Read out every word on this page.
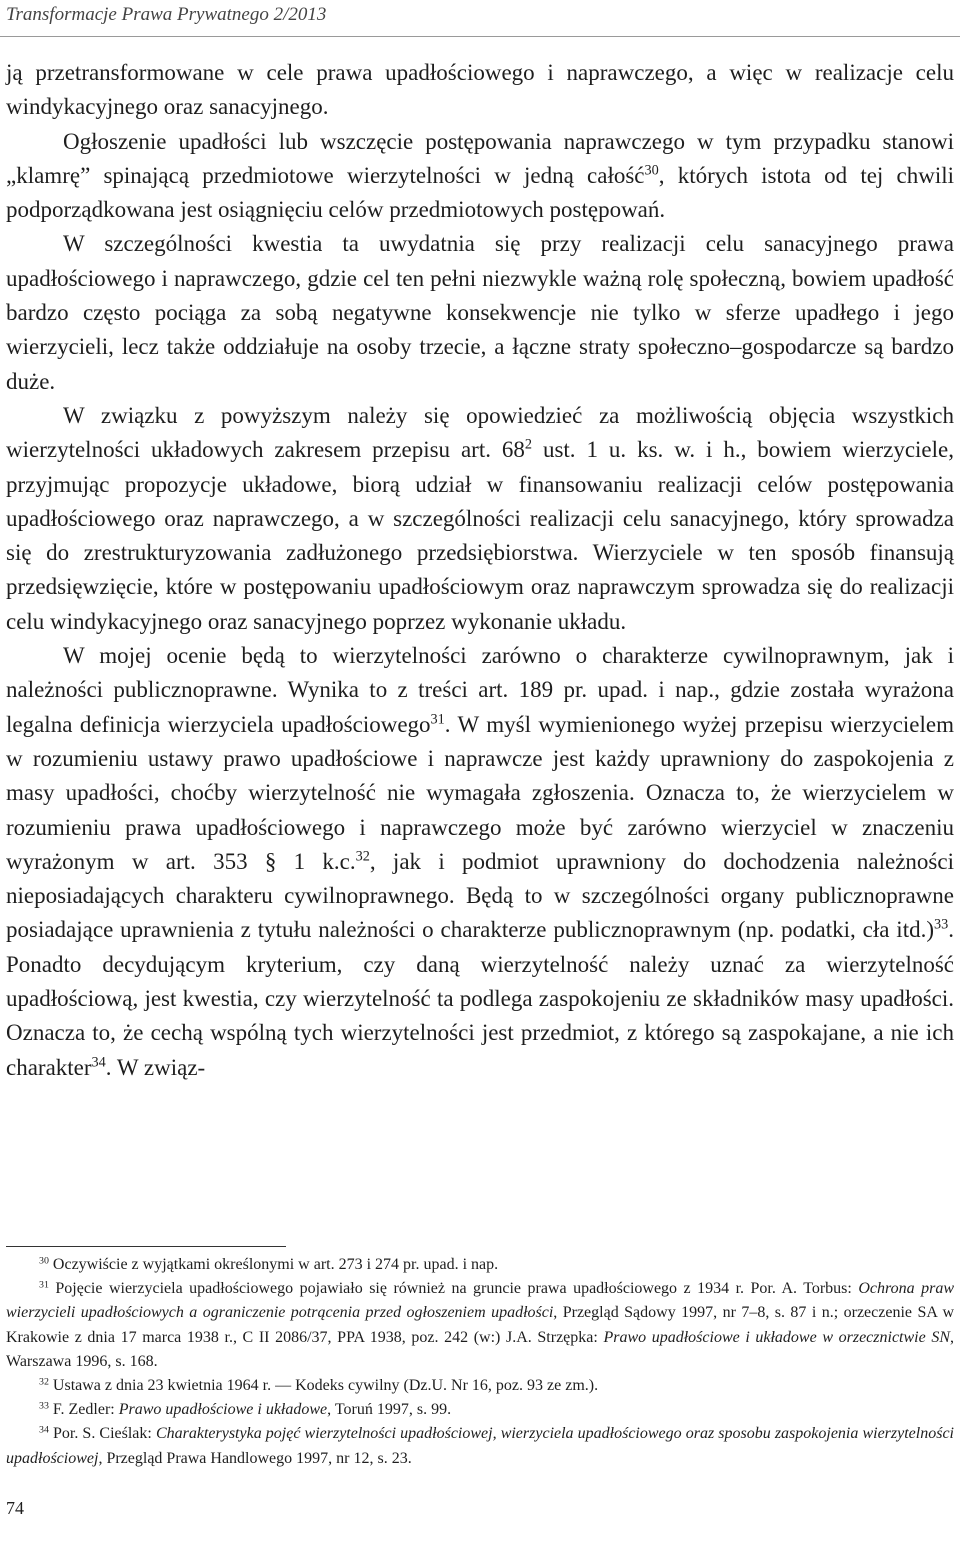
Transformacje Prawa Prywatnego 2/2013

ją przetransformowane w cele prawa upadłościowego i naprawczego, a więc w realizacje celu windykacyjnego oraz sanacyjnego.

Ogłoszenie upadłości lub wszczęcie postępowania naprawczego w tym przypadku stanowi „klamrę” spinającą przedmiotowe wierzytelności w jedną całość$^{30}$, których istota od tej chwili podporządkowana jest osiągnięciu celów przedmiotowych postępowań.

W szczególności kwestia ta uwydatnia się przy realizacji celu sanacyjnego prawa upadłościowego i naprawczego, gdzie cel ten pełni niezwykle ważną rolę społeczną, bowiem upadłość bardzo często pociąga za sobą negatywne konsekwencje nie tylko w sferze upadłego i jego wierzycieli, lecz także oddziałuje na osoby trzecie, a łączne straty społeczno–gospodarcze są bardzo duże.

W związku z powyższym należy się opowiedzieć za możliwością objęcia wszystkich wierzytelności układowych zakresem przepisu art. $68^2$ ust. 1 u. ks. w. i h., bowiem wierzyciele, przyjmując propozycje układowe, biorą udział w finansowaniu realizacji celów postępowania upadłościowego oraz naprawczego, a w szczególności realizacji celu sanacyjnego, który sprowadza się do zrestrukturyzowania zadłużonego przedsiębiorstwa. Wierzyciele w ten sposób finansują przedsięwzięcie, które w postępowaniu upadłościowym oraz naprawczym sprowadza się do realizacji celu windykacyjnego oraz sanacyjnego poprzez wykonanie układu.

W mojej ocenie będą to wierzytelności zarówno o charakterze cywilnoprawnym, jak i należności publicznoprawne. Wynika to z treści art. 189 pr. upad. i nap., gdzie została wyrażona legalna definicja wierzyciela upadłościowego$^{31}$. W myśl wymienionego wyżej przepisu wierzycielem w rozumieniu ustawy prawo upadłościowe i naprawcze jest każdy uprawniony do zaspokojenia z masy upadłości, choćby wierzytelność nie wymagała zgłoszenia. Oznacza to, że wierzycielem w rozumieniu prawa upadłościowego i naprawczego może być zarówno wierzyciel w znaczeniu wyrażonym w art. 353 § 1 k.c.$^{32}$, jak i podmiot uprawniony do dochodzenia należności nieposiadających charakteru cywilnoprawnego. Będą to w szczególności organy publicznoprawne posiadające uprawnienia z tytułu należności o charakterze publicznoprawnym (np. podatki, cła itd.)$^{33}$. Ponadto decydującym kryterium, czy daną wierzytelność należy uznać za wierzytelność upadłościową, jest kwestia, czy wierzytelność ta podlega zaspokojeniu ze składników masy upadłości. Oznacza to, że cechą wspólną tych wierzytelności jest przedmiot, z którego są zaspokajane, a nie ich charakter$^{34}$. W związ-

$^{30}$ Oczywiście z wyjątkami określonymi w art. 273 i 274 pr. upad. i nap.

$^{31}$ Pojęcie wierzyciela upadłościowego pojawiało się również na gruncie prawa upadłościowego z 1934 r. Por. A. Torbus: Ochrona praw wierzycieli upadłościowych a ograniczenie potrącenia przed ogłoszeniem upadłości, Przegląd Sądowy 1997, nr 7–8, s. 87 i n.; orzeczenie SA w Krakowie z dnia 17 marca 1938 r., C II 2086/37, PPA 1938, poz. 242 (w:) J.A. Strzępka: Prawo upadłościowe i układowe w orzecznictwie SN, Warszawa 1996, s. 168.

$^{32}$ Ustawa z dnia 23 kwietnia 1964 r. — Kodeks cywilny (Dz.U. Nr 16, poz. 93 ze zm.).

$^{33}$ F. Zedler: Prawo upadłościowe i układowe, Toruń 1997, s. 99.

$^{34}$ Por. S. Cieślak: Charakterystyka pojęć wierzytelności upadłościowej, wierzyciela upadłościowego oraz sposobu zaspokojenia wierzytelności upadłościowej, Przegląd Prawa Handlowego 1997, nr 12, s. 23.

74
